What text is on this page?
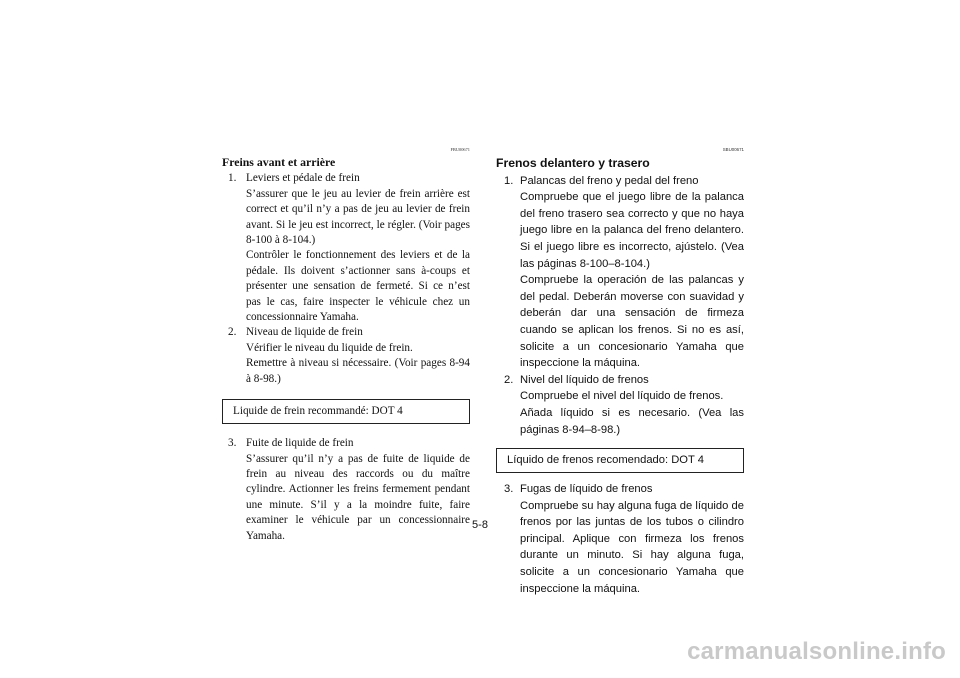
FBU00671
Freins avant et arrière
1. Leviers et pédale de frein
S’assurer que le jeu au levier de frein arrière est correct et qu’il n’y a pas de jeu au levier de frein avant. Si le jeu est incorrect, le régler. (Voir pages 8-100 à 8-104.)
Contrôler le fonctionnement des leviers et de la pédale. Ils doivent s’actionner sans à-coups et présenter une sensation de fermeté. Si ce n’est pas le cas, faire inspecter le véhicule chez un concessionnaire Yamaha.
2. Niveau de liquide de frein
Vérifier le niveau du liquide de frein.
Remettre à niveau si nécessaire. (Voir pages 8-94 à 8-98.)
Liquide de frein recommandé: DOT 4
3. Fuite de liquide de frein
S’assurer qu’il n’y a pas de fuite de liquide de frein au niveau des raccords ou du maître cylindre. Actionner les freins fermement pendant une minute. S’il y a la moindre fuite, faire examiner le véhicule par un concessionnaire Yamaha.
SBU00671
Frenos delantero y trasero
1. Palancas del freno y pedal del freno
Compruebe que el juego libre de la palanca del freno trasero sea correcto y que no haya juego libre en la palanca del freno delantero. Si el juego libre es incorrecto, ajústelo. (Vea las páginas 8-100–8-104.)
Compruebe la operación de las palancas y del pedal. Deberán moverse con suavidad y deberán dar una sensación de firmeza cuando se aplican los frenos. Si no es así, solicite a un concesionario Yamaha que inspeccione la máquina.
2. Nivel del líquido de frenos
Compruebe el nivel del líquido de frenos.
Añada líquido si es necesario. (Vea las páginas 8-94–8-98.)
Líquido de frenos recomendado: DOT 4
3. Fugas de líquido de frenos
Compruebe su hay alguna fuga de líquido de frenos por las juntas de los tubos o cilindro principal. Aplique con firmeza los frenos durante un minuto. Si hay alguna fuga, solicite a un concesionario Yamaha que inspeccione la máquina.
5-8
carmanualsonline.info
